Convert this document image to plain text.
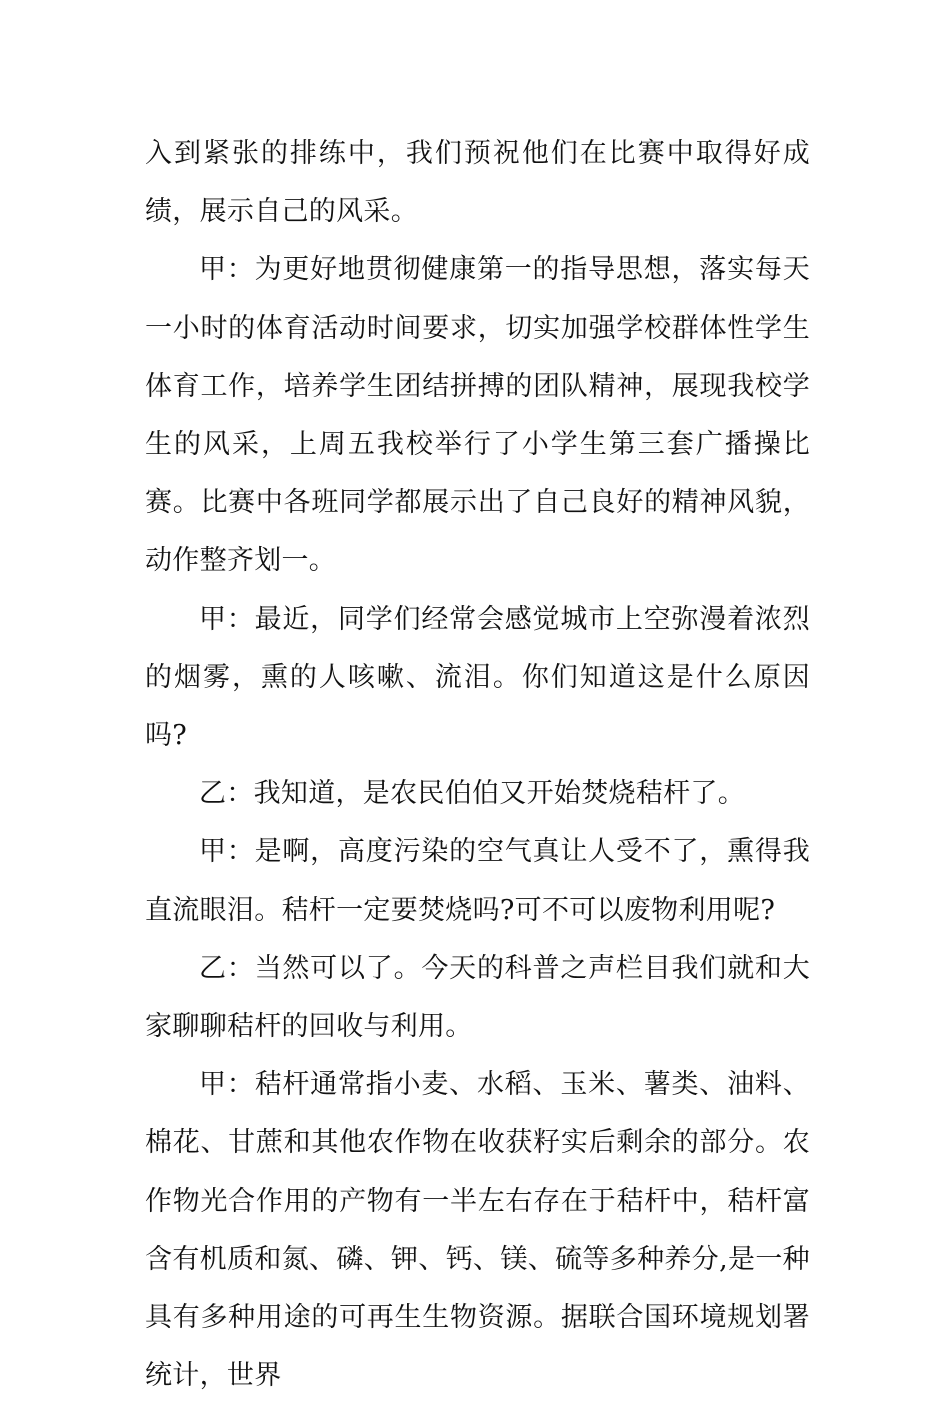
入到紧张的排练中，我们预祝他们在比赛中取得好成绩，展示自己的风采。

甲：为更好地贯彻健康第一的指导思想，落实每天一小时的体育活动时间要求，切实加强学校群体性学生体育工作，培养学生团结拼搏的团队精神，展现我校学生的风采，上周五我校举行了小学生第三套广播操比赛。比赛中各班同学都展示出了自己良好的精神风貌，动作整齐划一。

甲：最近，同学们经常会感觉城市上空弥漫着浓烈的烟雾，熏的人咳嗽、流泪。你们知道这是什么原因吗?

乙：我知道，是农民伯伯又开始焚烧秸杆了。

甲：是啊，高度污染的空气真让人受不了，熏得我直流眼泪。秸杆一定要焚烧吗?可不可以废物利用呢?

乙：当然可以了。今天的科普之声栏目我们就和大家聊聊秸杆的回收与利用。

甲：秸杆通常指小麦、水稻、玉米、薯类、油料、棉花、甘蔗和其他农作物在收获籽实后剩余的部分。农作物光合作用的产物有一半左右存在于秸杆中，秸杆富含有机质和氮、磷、钾、钙、镁、硫等多种养分,是一种具有多种用途的可再生生物资源。据联合国环境规划署统计，世界
